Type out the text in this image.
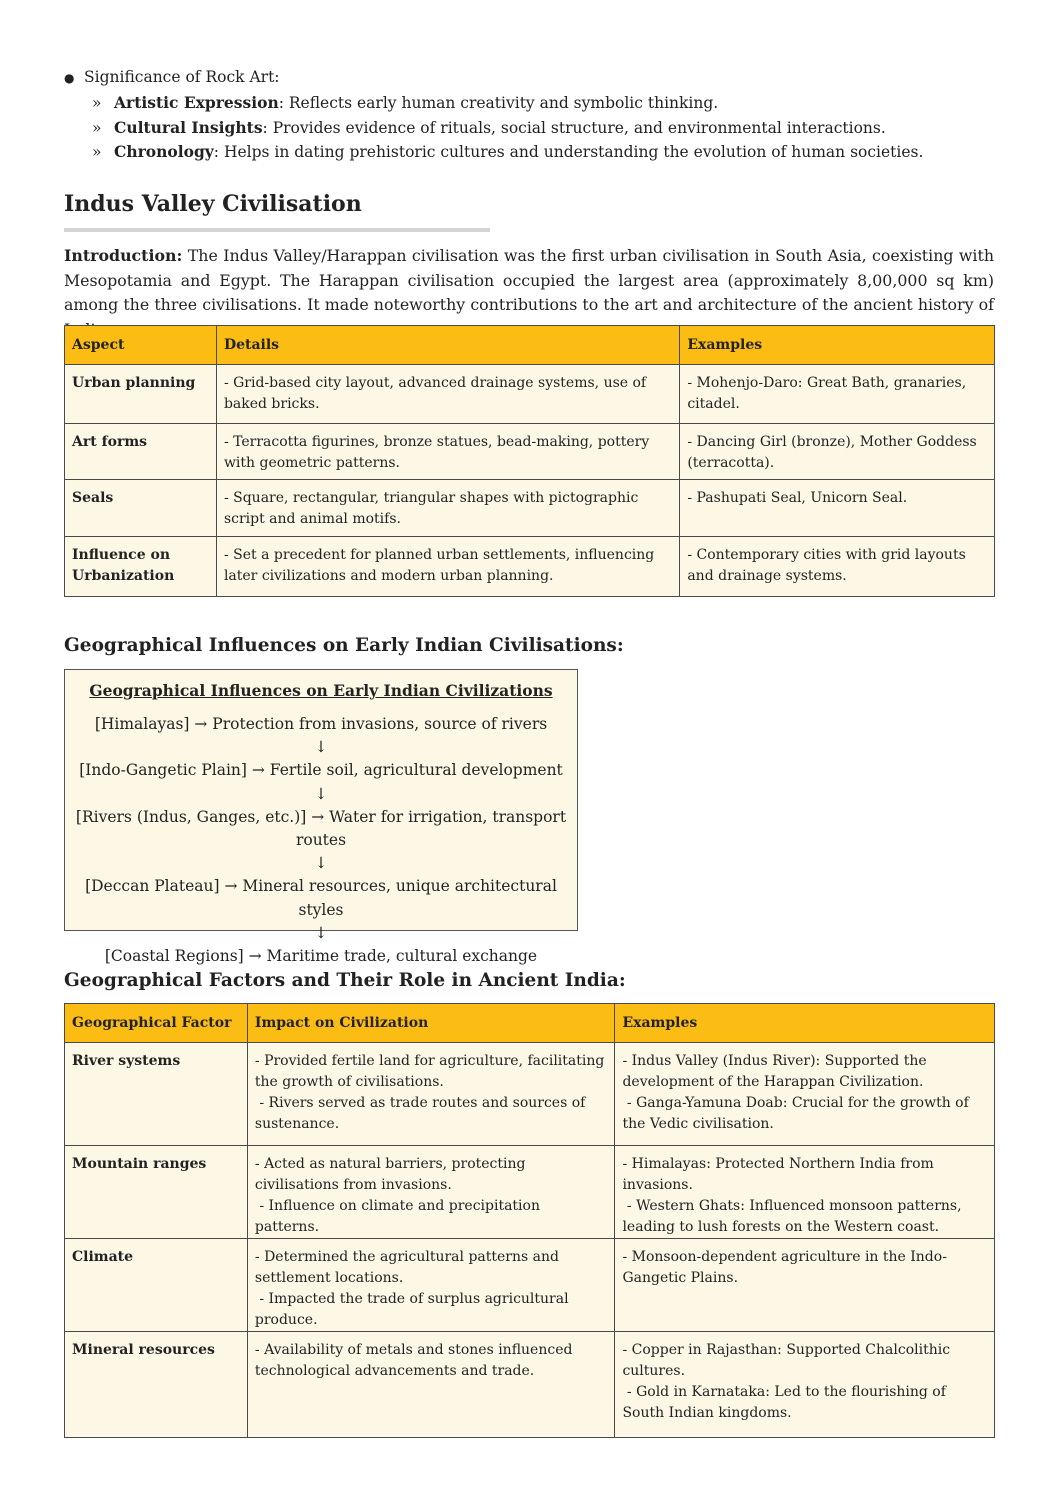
● Significance of Rock Art:
» Artistic Expression: Reflects early human creativity and symbolic thinking.
» Cultural Insights: Provides evidence of rituals, social structure, and environmental interactions.
» Chronology: Helps in dating prehistoric cultures and understanding the evolution of human societies.
Indus Valley Civilisation

Introduction: The Indus Valley/Harappan civilisation was the first urban civilisation in South Asia, coexisting with Mesopotamia and Egypt. The Harappan civilisation occupied the largest area (approximately 8,00,000 sq km) among the three civilisations. It made noteworthy contributions to the art and architecture of the ancient history of

Aspect	Details	Examples

Urban planning	- Grid-based city layout, advanced drainage systems, use of baked bricks.	- Mohenjo-Daro: Great Bath, granaries, citadel.

Art forms	- Terracotta figurines, bronze statues, bead-making, pottery with geometric patterns.	- Dancing Girl (bronze), Mother Goddess (terracotta).

Seals	- Square, rectangular, triangular shapes with pictographic script and animal motifs.	- Pashupati Seal, Unicorn Seal.

Influence on Urbanization	- Set a precedent for planned urban settlements, influencing later civilizations and modern urban planning.	- Contemporary cities with grid layouts and drainage systems.
Geographical Influences on Early Indian Civilisations:
Geographical Influences on Early Indian Civilizations
[Himalayas] → Protection from invasions, source of rivers
↓
[Indo-Gangetic Plain] → Fertile soil, agricultural development
↓
[Rivers (Indus, Ganges, etc.)] → Water for irrigation, transport routes
↓
[Deccan Plateau] → Mineral resources, unique architectural styles
↓
[Coastal Regions] → Maritime trade, cultural exchange
Geographical Factors and Their Role in Ancient India:
Geographical Factor	Impact on Civilization	Examples

River systems	- Provided fertile land for agriculture, facilitating the growth of civilisations.
- Rivers served as trade routes and sources of sustenance.	- Indus Valley (Indus River): Supported the development of the Harappan Civilization.
- Ganga-Yamuna Doab: Crucial for the growth of the Vedic civilisation.

Mountain ranges	- Acted as natural barriers, protecting civilisations from invasions.
- Influence on climate and precipitation patterns.	- Himalayas: Protected Northern India from invasions.
- Western Ghats: Influenced monsoon patterns, leading to lush forests on the Western coast.

Climate	- Determined the agricultural patterns and settlement locations.
- Impacted the trade of surplus agricultural produce.	- Monsoon-dependent agriculture in the Indo-Gangetic Plains.

Mineral resources	- Availability of metals and stones influenced technological advancements and trade.	- Copper in Rajasthan: Supported Chalcolithic cultures.
- Gold in Karnataka: Led to the flourishing of South Indian kingdoms.
